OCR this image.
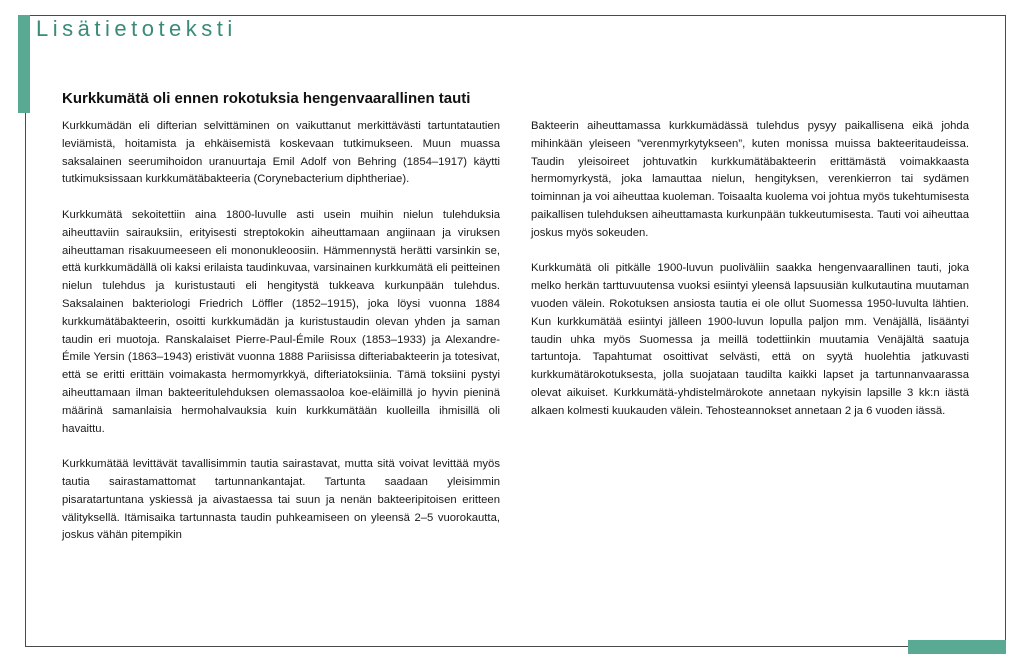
Lisätietoteksti
Kurkkumätä oli ennen rokotuksia hengenvaarallinen tauti

Kurkkumädän eli difterian selvittäminen on vaikuttanut merkittävästi tartuntatautien leviämistä, hoitamista ja ehkäisemistä koskevaan tutkimukseen. Muun muassa saksalainen seerumihoidon uranuurtaja Emil Adolf von Behring (1854–1917) käytti tutkimuksissaan kurkkumätäbakteeria (Corynebacterium diphtheriae).

Kurkkumätä sekoitettiin aina 1800-luvulle asti usein muihin nielun tulehduksia aiheuttaviin sairauksiin, erityisesti streptokokin aiheuttamaan angiinaan ja viruksen aiheuttaman risakuumeeseen eli mononukleoosiin. Hämmennystä herätti varsinkin se, että kurkkumädällä oli kaksi erilaista taudinkuvaa, varsinainen kurkkumätä eli peitteinen nielun tulehdus ja kuristustauti eli hengitystä tukkeava kurkunpään tulehdus. Saksalainen bakteriologi Friedrich Löffler (1852–1915), joka löysi vuonna 1884 kurkkumätäbakteerin, osoitti kurkkumädän ja kuristustaudin olevan yhden ja saman taudin eri muotoja. Ranskalaiset Pierre-Paul-Émile Roux (1853–1933) ja Alexandre-Émile Yersin (1863–1943) eristivät vuonna 1888 Pariisissa difteriabakteerin ja totesivat, että se eritti erittäin voimakasta hermomyrkkyä, difteriatoksiinia. Tämä toksiini pystyi aiheuttamaan ilman bakteeritulehduksen olemassaoloa koe-eläimillä jo hyvin pieninä määrinä samanlaisia hermohalvauksia kuin kurkkumätään kuolleilla ihmisillä oli havaittu.

Kurkkumätää levittävät tavallisimmin tautia sairastavat, mutta sitä voivat levittää myös tautia sairastamattomat tartunnankantajat. Tartunta saadaan yleisimmin pisaratartuntana yskiessä ja aivastaessa tai suun ja nenän bakteeripitoisen eritteen välityksellä. Itämisaika tartunnasta taudin puhkeamiseen on yleensä 2–5 vuorokautta, joskus vähän pitempikin

Bakteerin aiheuttamassa kurkkumädässä tulehdus pysyy paikallisena eikä johda mihinkään yleiseen ”verenmyrkytykseen”, kuten monissa muissa bakteeritaudeissa. Taudin yleisoireet johtuvatkin kurkkumätäbakteerin erittämästä voimakkaasta hermomyrkystä, joka lamauttaa nielun, hengityksen, verenkierron tai sydämen toiminnan ja voi aiheuttaa kuoleman. Toisaalta kuolema voi johtua myös tukehtumisesta paikallisen tulehduksen aiheuttamasta kurkunpään tukkeutumisesta. Tauti voi aiheuttaa joskus myös sokeuden.

Kurkkumätä oli pitkälle 1900-luvun puoliväliin saakka hengenvaarallinen tauti, joka melko herkän tarttuvuutensa vuoksi esiintyi yleensä lapsuusiän kulkutautina muutaman vuoden välein. Rokotuksen ansiosta tautia ei ole ollut Suomessa 1950-luvulta lähtien. Kun kurkkumätää esiintyi jälleen 1900-luvun lopulla paljon mm. Venäjällä, lisääntyi taudin uhka myös Suomessa ja meillä todettiinkin muutamia Venäjältä saatuja tartuntoja. Tapahtumat osoittivat selvästi, että on syytä huolehtia jatkuvasti kurkkumätärokotuksesta, jolla suojataan taudilta kaikki lapset ja tartunnanvaarassa olevat aikuiset. Kurkkumätä-yhdistelmärokote annetaan nykyisin lapsille 3 kk:n iästä alkaen kolmesti kuukauden välein. Tehosteannokset annetaan 2 ja 6 vuoden iässä.
